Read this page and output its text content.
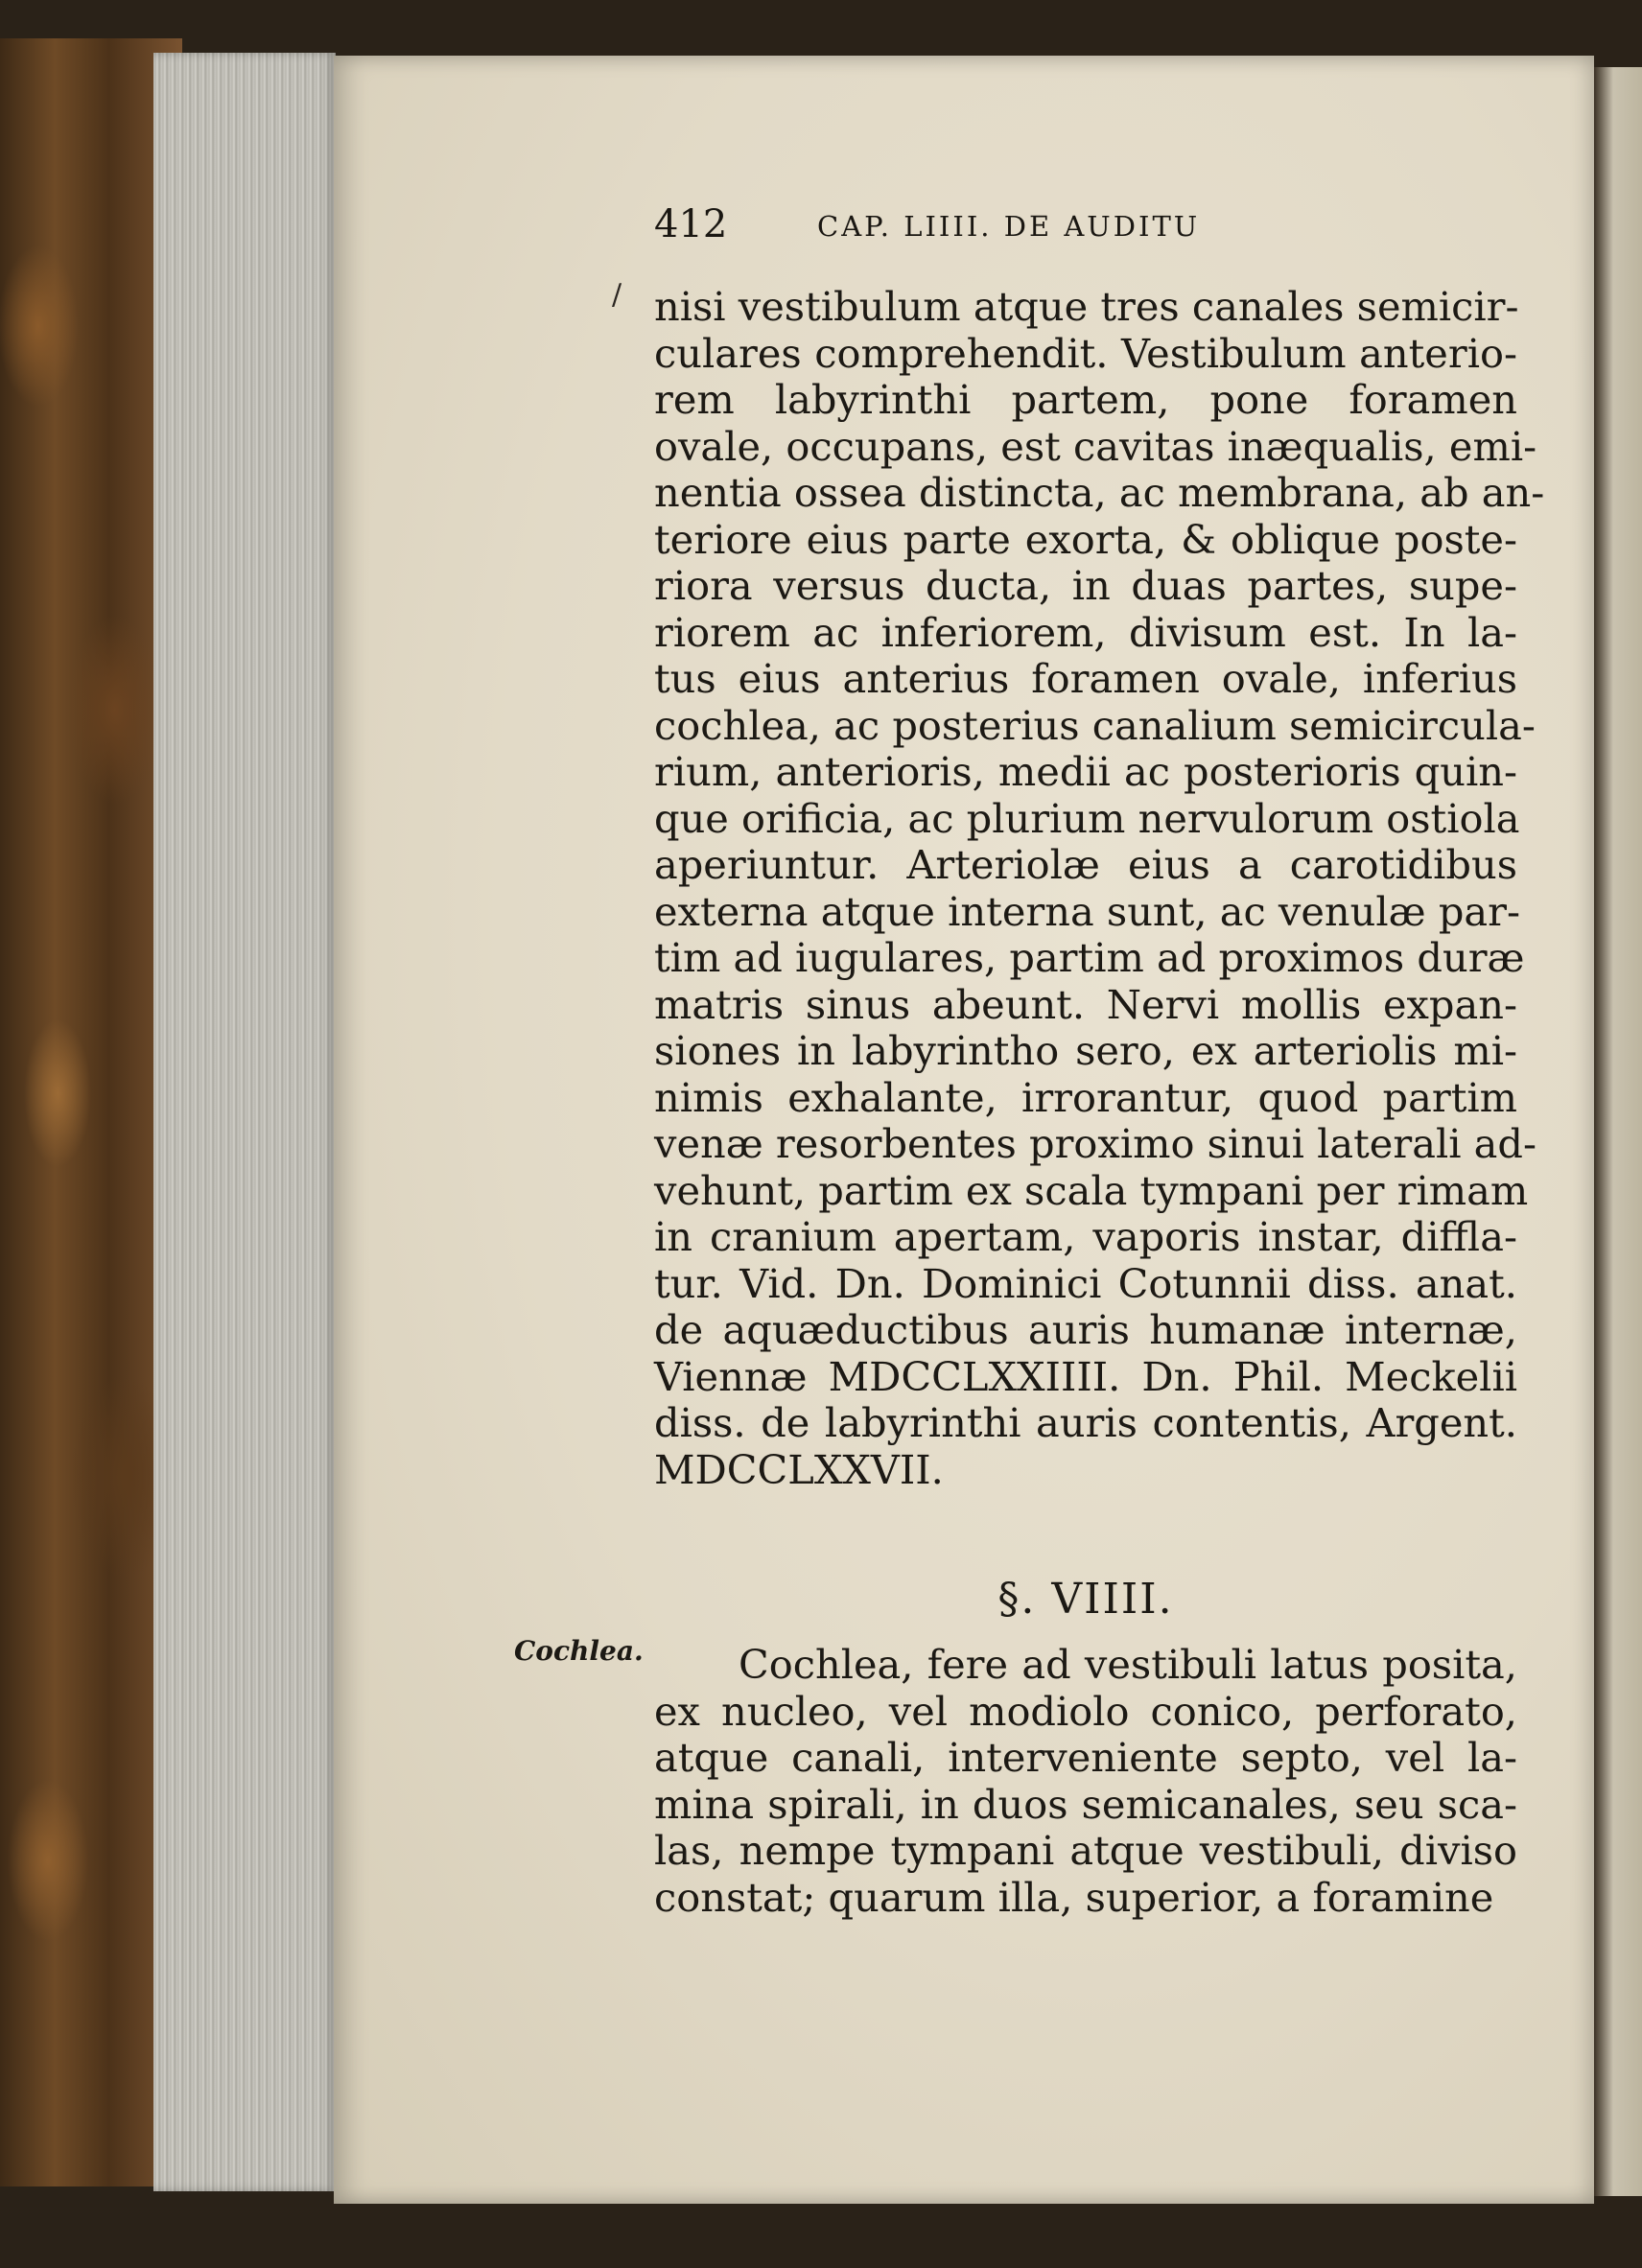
412	CAP. LIIII. DE AUDITU
/ nisi vestibulum atque tres canales semicir-
culares comprehendit. Vestibulum anterio-
rem labyrinthi partem, pone foramen
ovale, occupans, est cavitas inæqualis, emi-
nentia ossea distincta, ac membrana, ab an-
teriore eius parte exorta, & oblique poste-
riora versus ducta, in duas partes, supe-
riorem ac inferiorem, divisum est. In la-
tus eius anterius foramen ovale, inferius
cochlea, ac posterius canalium semicircula-
rium, anterioris, medii ac posterioris quin-
que orificia, ac plurium nervulorum ostiola
aperiuntur. Arteriolæ eius a carotidibus
externa atque interna sunt, ac venulæ par-
tim ad iugulares, partim ad proximos duræ
matris sinus abeunt. Nervi mollis expan-
siones in labyrintho sero, ex arteriolis mi-
nimis exhalante, irrorantur, quod partim
venæ resorbentes proximo sinui laterali ad-
vehunt, partim ex scala tympani per rimam
in cranium apertam, vaporis instar, diffla-
tur. Vid. Dn. Dominici Cotunnii diss. anat.
de aquæductibus auris humanæ internæ,
Viennæ MDCCLXXIIII. Dn. Phil. Meckelii
diss. de labyrinthi auris contentis, Argent.
MDCCLXXVII.
§. VIIII.
Cochlea.	Cochlea, fere ad vestibuli latus posita,
ex nucleo, vel modiolo conico, perforato,
atque canali, interveniente septo, vel la-
mina spirali, in duos semicanales, seu sca-
las, nempe tympani atque vestibuli, diviso
constat; quarum illa, superior, a foramine
